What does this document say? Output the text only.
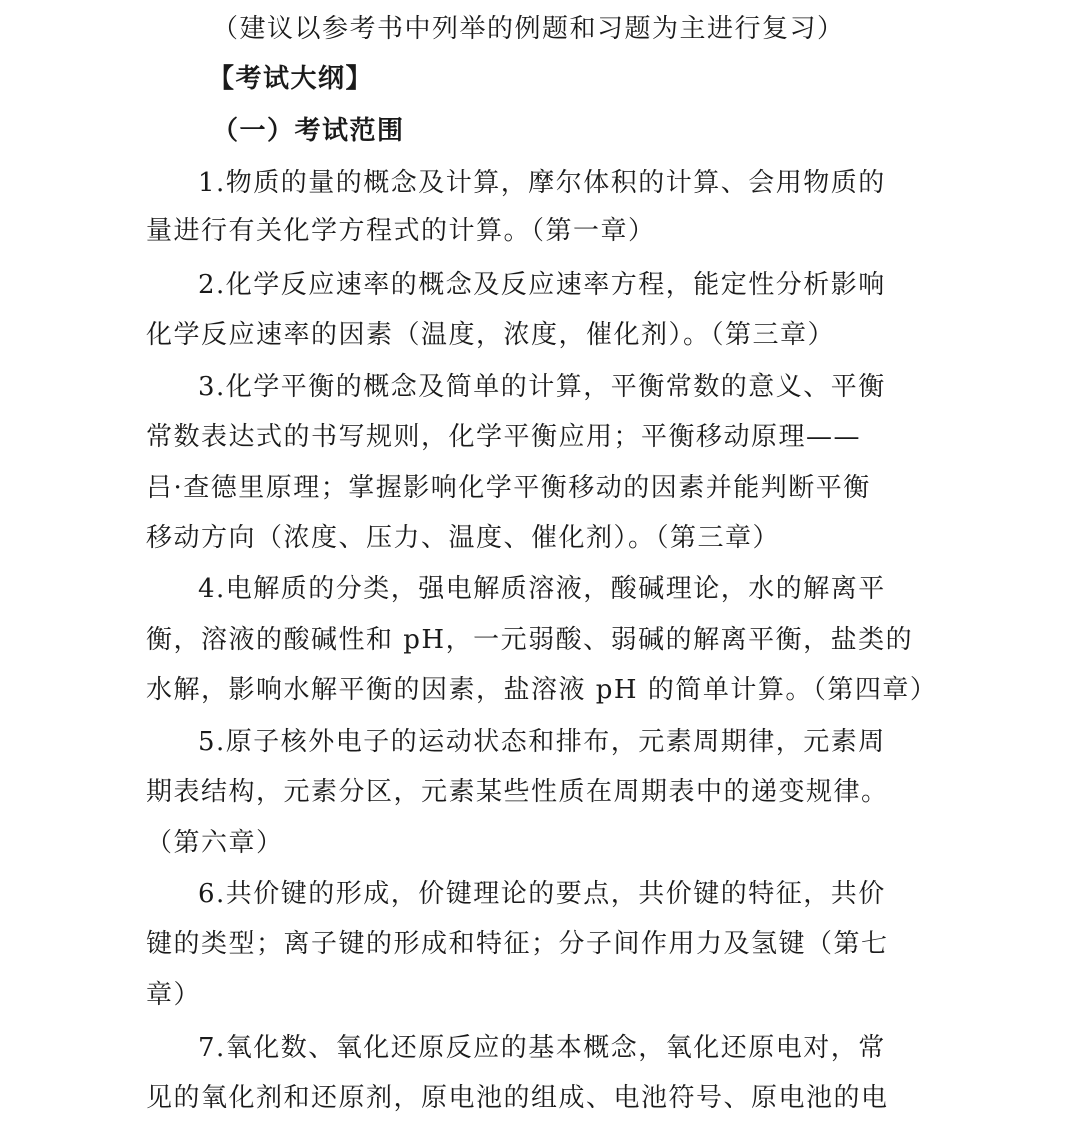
（建议以参考书中列举的例题和习题为主进行复习）
【考试大纲】
（一）考试范围
1.物质的量的概念及计算，摩尔体积的计算、会用物质的
量进行有关化学方程式的计算。（第一章）
2.化学反应速率的概念及反应速率方程，能定性分析影响
化学反应速率的因素（温度，浓度，催化剂）。（第三章）
3.化学平衡的概念及简单的计算，平衡常数的意义、平衡
常数表达式的书写规则，化学平衡应用；平衡移动原理——
吕·查德里原理；掌握影响化学平衡移动的因素并能判断平衡
移动方向（浓度、压力、温度、催化剂）。（第三章）
4.电解质的分类，强电解质溶液，酸碱理论，水的解离平
衡，溶液的酸碱性和 pH，一元弱酸、弱碱的解离平衡，盐类的
水解，影响水解平衡的因素，盐溶液 pH 的简单计算。（第四章）
5.原子核外电子的运动状态和排布，元素周期律，元素周
期表结构，元素分区，元素某些性质在周期表中的递变规律。
（第六章）
6.共价键的形成，价键理论的要点，共价键的特征，共价
键的类型；离子键的形成和特征；分子间作用力及氢键（第七
章）
7.氧化数、氧化还原反应的基本概念，氧化还原电对，常
见的氧化剂和还原剂，原电池的组成、电池符号、原电池的电
